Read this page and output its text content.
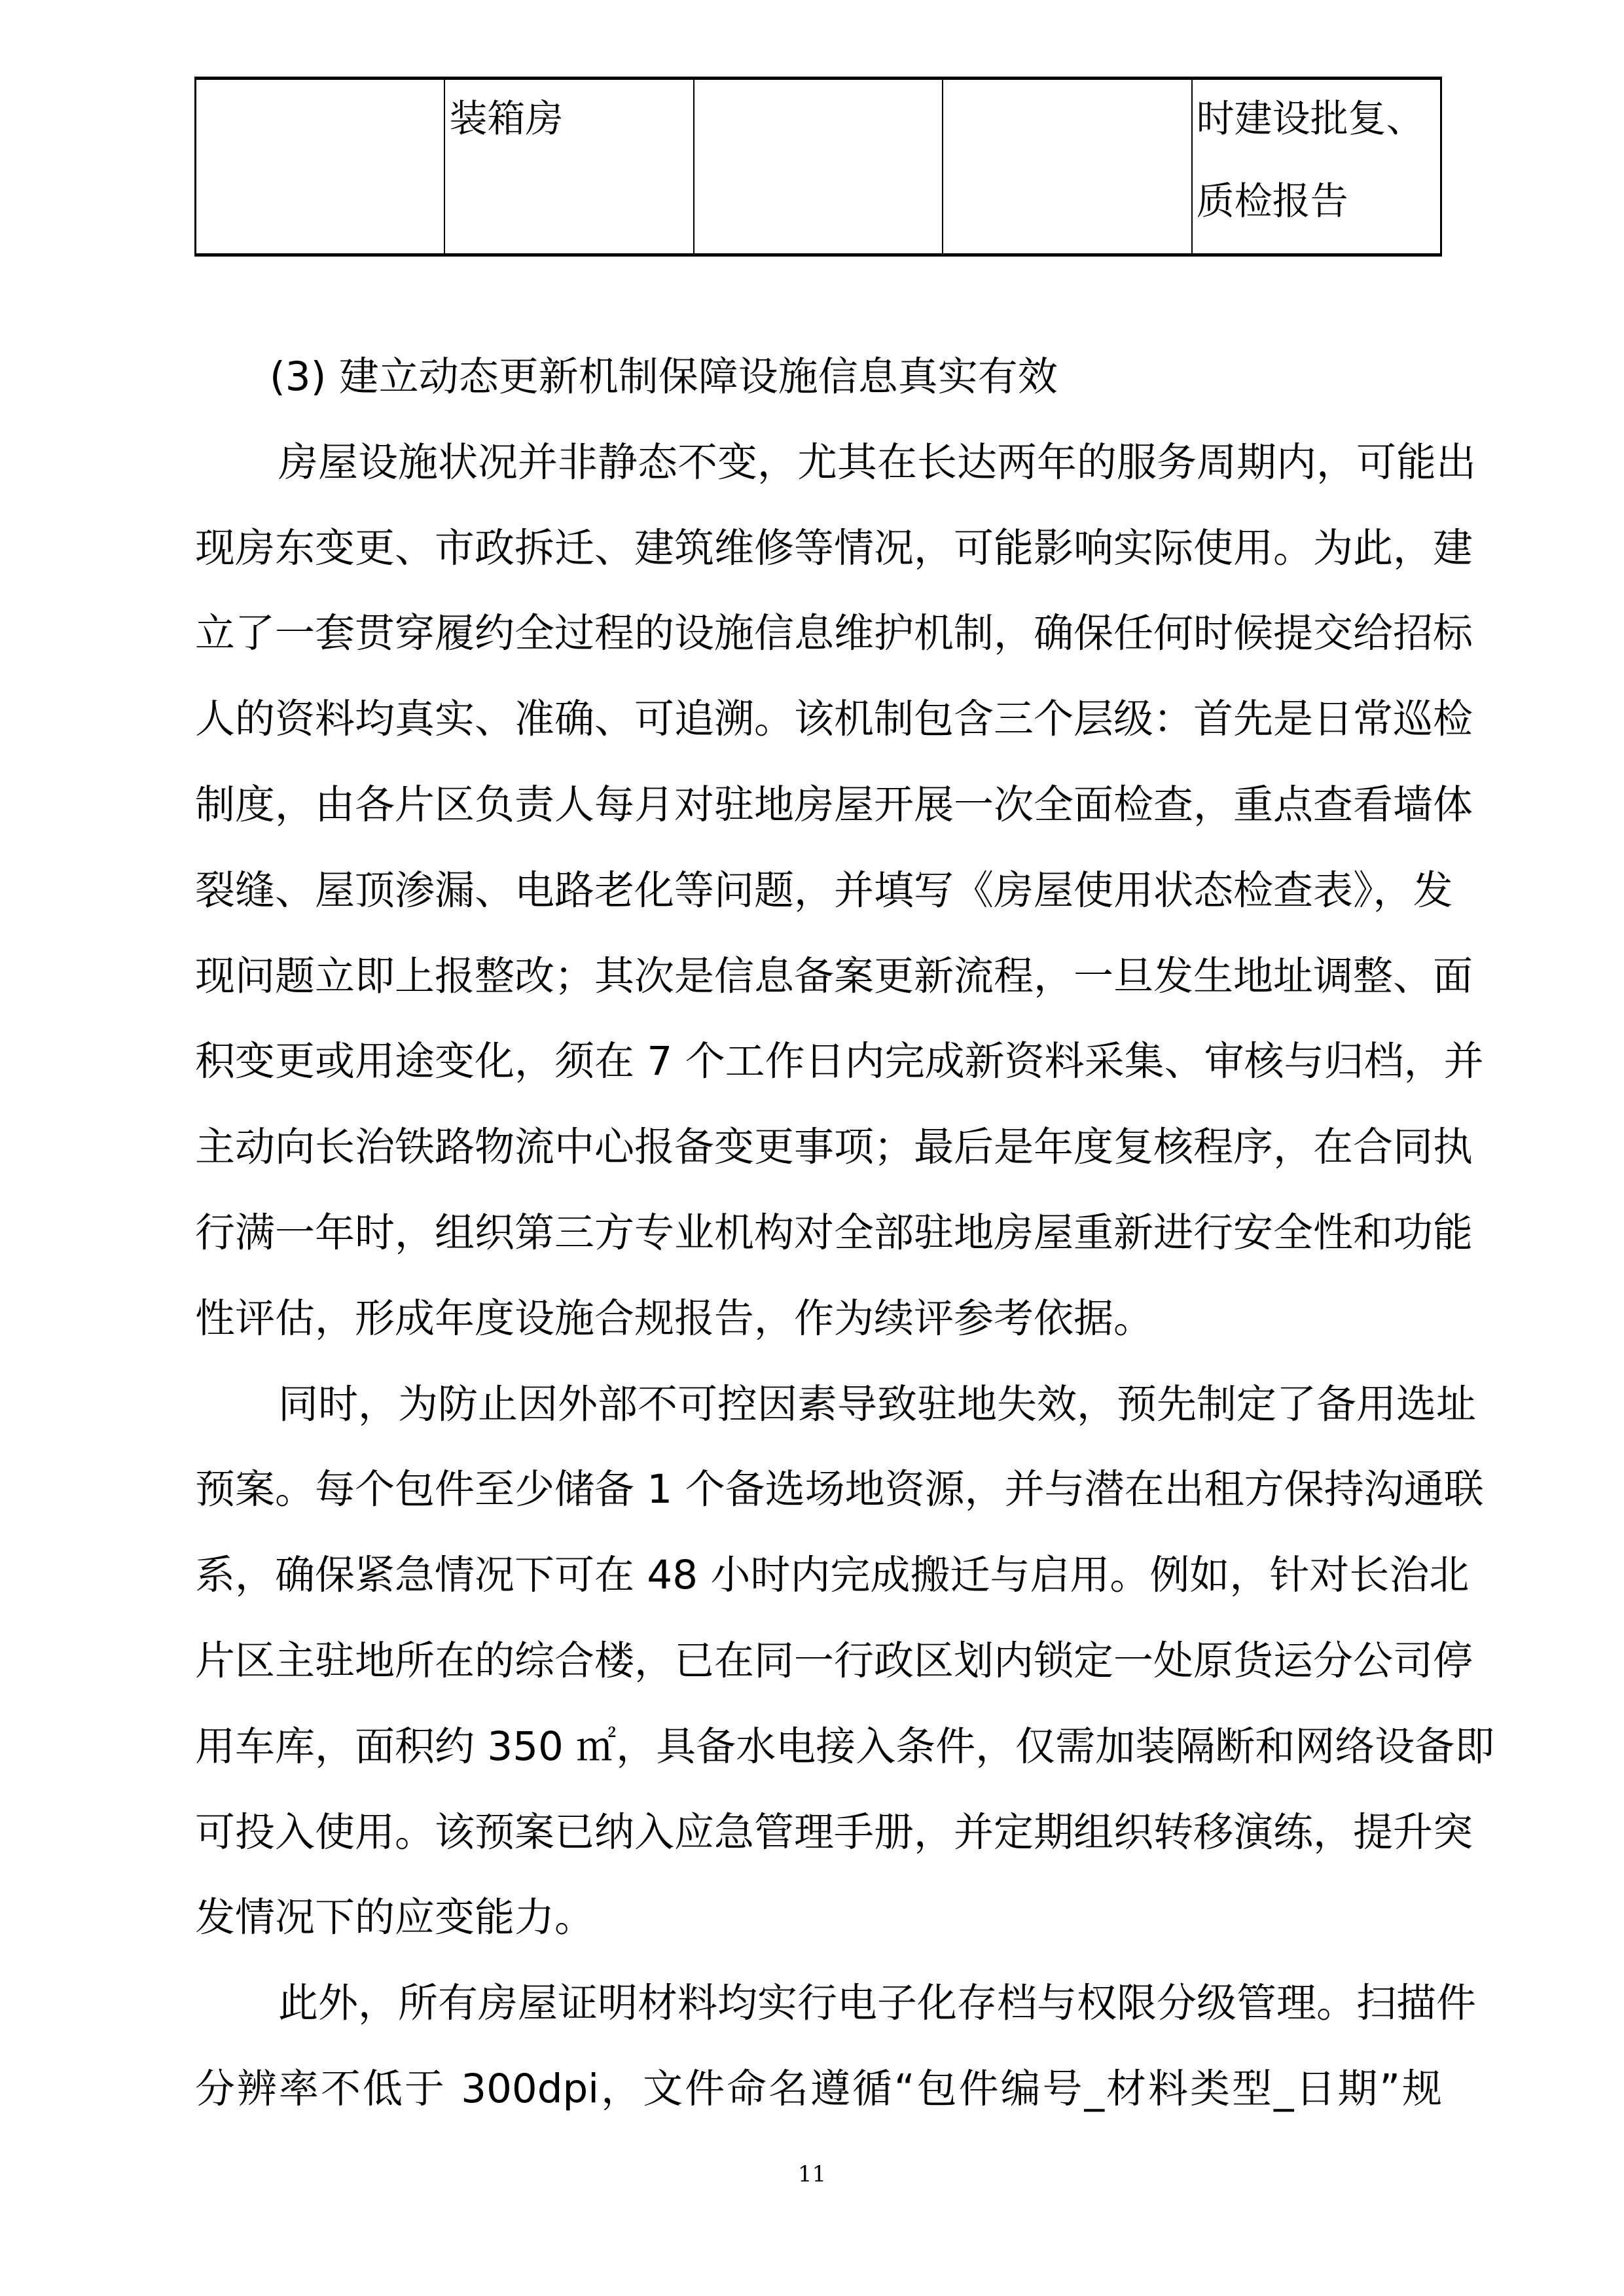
装箱房	时建设批复、
质检报告
(3) 建立动态更新机制保障设施信息真实有效
房屋设施状况并非静态不变，尤其在长达两年的服务周期内，可能出
现房东变更、市政拆迁、建筑维修等情况，可能影响实际使用。为此，建
立了一套贯穿履约全过程的设施信息维护机制，确保任何时候提交给招标
人的资料均真实、准确、可追溯。该机制包含三个层级：首先是日常巡检
制度，由各片区负责人每月对驻地房屋开展一次全面检查，重点查看墙体
裂缝、屋顶渗漏、电路老化等问题，并填写《房屋使用状态检查表》，发
现问题立即上报整改；其次是信息备案更新流程，一旦发生地址调整、面
积变更或用途变化，须在 7 个工作日内完成新资料采集、审核与归档，并
主动向长治铁路物流中心报备变更事项；最后是年度复核程序，在合同执
行满一年时，组织第三方专业机构对全部驻地房屋重新进行安全性和功能
性评估，形成年度设施合规报告，作为续评参考依据。
同时，为防止因外部不可控因素导致驻地失效，预先制定了备用选址
预案。每个包件至少储备 1 个备选场地资源，并与潜在出租方保持沟通联
系，确保紧急情况下可在 48 小时内完成搬迁与启用。例如，针对长治北
片区主驻地所在的综合楼，已在同一行政区划内锁定一处原货运分公司停
用车库，面积约 350 ㎡，具备水电接入条件，仅需加装隔断和网络设备即
可投入使用。该预案已纳入应急管理手册，并定期组织转移演练，提升突
发情况下的应变能力。
此外，所有房屋证明材料均实行电子化存档与权限分级管理。扫描件
分辨率不低于 300dpi，文件命名遵循“包件编号_材料类型_日期”规
11
